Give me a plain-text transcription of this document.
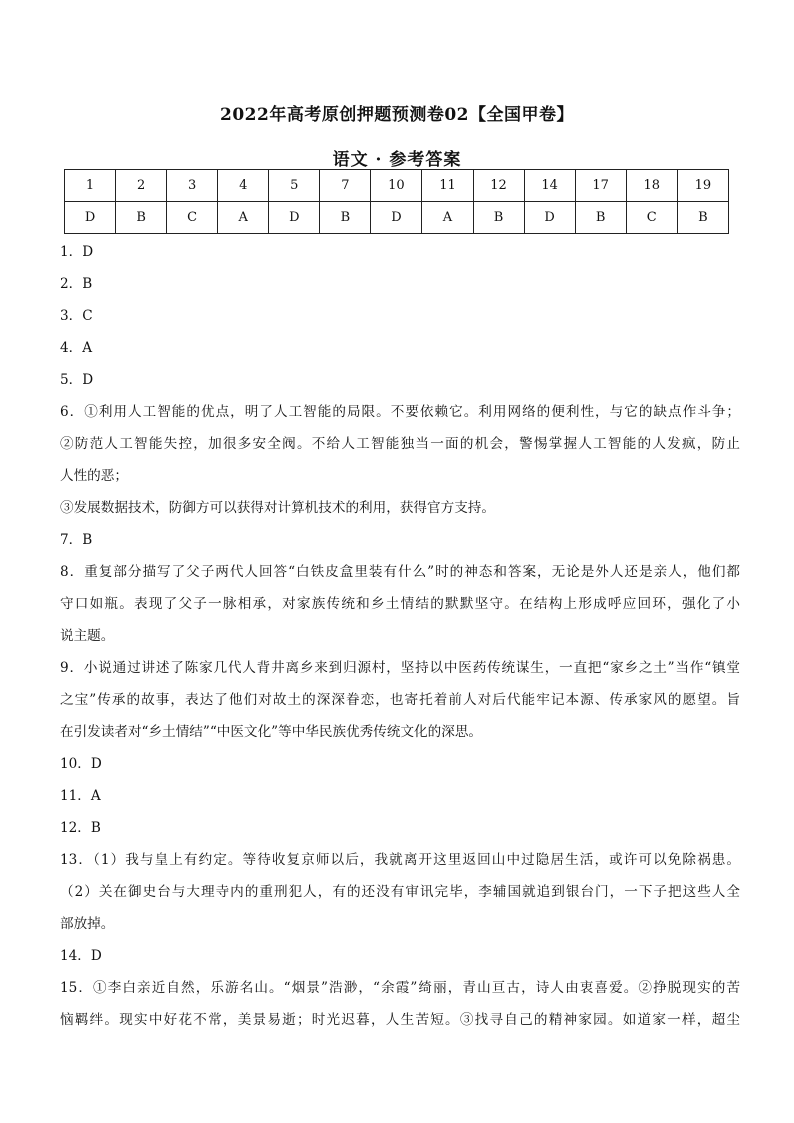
2022年高考原创押题预测卷02【全国甲卷】
语文 · 参考答案
1	2	3	4	5	7	10	11	12	14	17	18	19
D	B	C	A	D	B	D	A	B	D	B	C	B
1．D
2．B
3．C
4．A
5．D
6．①利用人工智能的优点，明了人工智能的局限。不要依赖它。利用网络的便利性，与它的缺点作斗争；
②防范人工智能失控，加很多安全阀。不给人工智能独当一面的机会，警惕掌握人工智能的人发疯，防止
人性的恶；
③发展数据技术，防御方可以获得对计算机技术的利用，获得官方支持。
7．B
8．重复部分描写了父子两代人回答“白铁皮盒里装有什么”时的神态和答案，无论是外人还是亲人，他们都
守口如瓶。表现了父子一脉相承，对家族传统和乡土情结的默默坚守。在结构上形成呼应回环，强化了小
说主题。
9．小说通过讲述了陈家几代人背井离乡来到归源村，坚持以中医药传统谋生，一直把“家乡之土”当作“镇堂
之宝”传承的故事，表达了他们对故土的深深眷恋，也寄托着前人对后代能牢记本源、传承家风的愿望。旨
在引发读者对“乡土情结”“中医文化”等中华民族优秀传统文化的深思。
10．D
11．A
12．B
13．（1）我与皇上有约定。等待收复京师以后，我就离开这里返回山中过隐居生活，或许可以免除祸患。
（2）关在御史台与大理寺内的重刑犯人，有的还没有审讯完毕，李辅国就追到银台门，一下子把这些人全
部放掉。
14．D
15．①李白亲近自然，乐游名山。“烟景”浩渺，“余霞”绮丽，青山亘古，诗人由衷喜爱。②挣脱现实的苦
恼羁绊。现实中好花不常，美景易逝；时光迟暮，人生苦短。③找寻自己的精神家园。如道家一样，超尘
